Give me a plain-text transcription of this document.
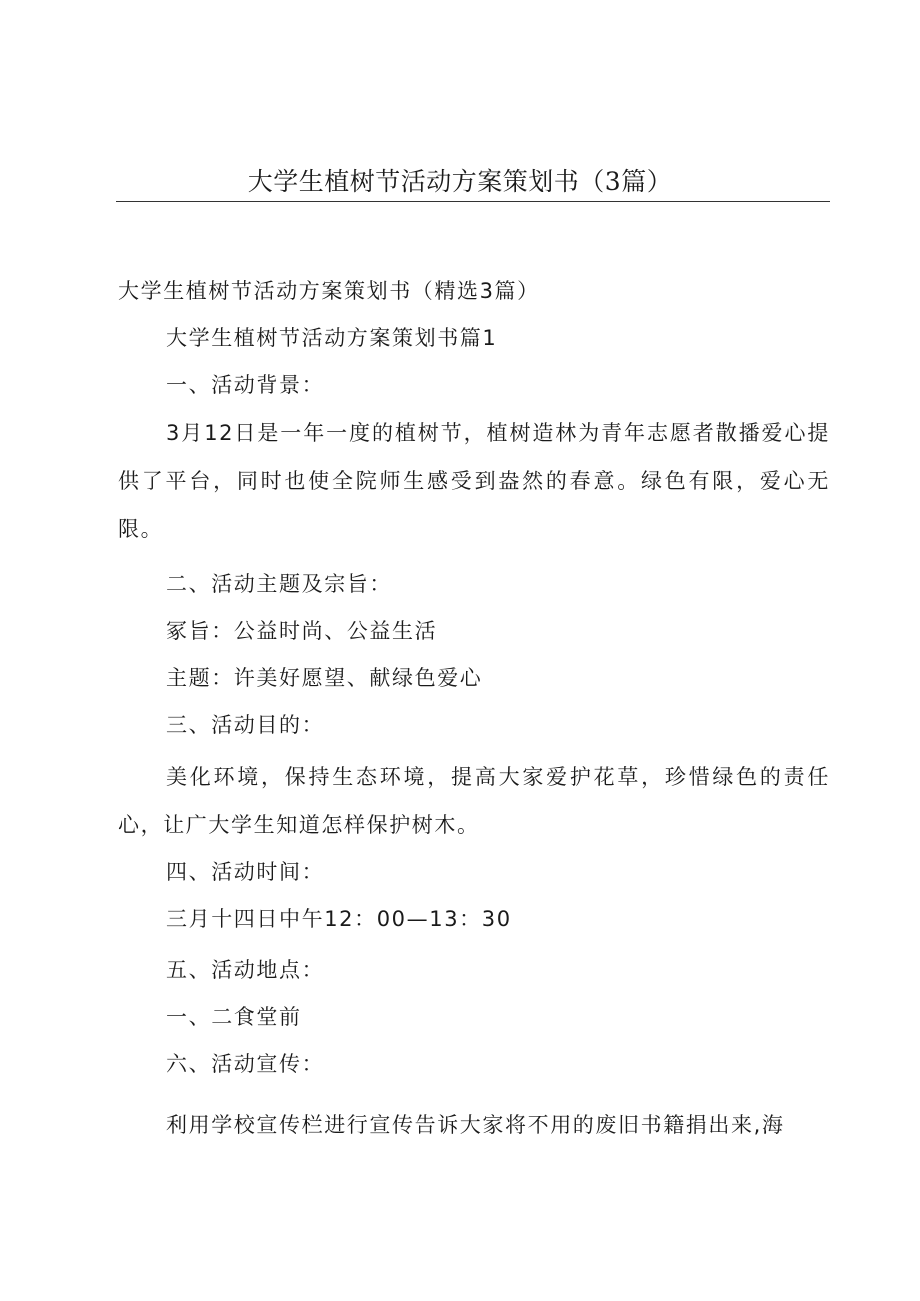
大学生植树节活动方案策划书（3篇）

大学生植树节活动方案策划书（精选3篇）

大学生植树节活动方案策划书篇1

一、活动背景：

3月12日是一年一度的植树节，植树造林为青年志愿者散播爱心提供了平台，同时也使全院师生感受到盎然的春意。绿色有限，爱心无限。

二、活动主题及宗旨：

冢旨：公益时尚、公益生活

主题：许美好愿望、献绿色爱心

三、活动目的：

美化环境，保持生态环境，提高大家爱护花草，珍惜绿色的责任心，让广大学生知道怎样保护树木。

四、活动时间：

三月十四日中午12：00—13：30

五、活动地点：

一、二食堂前

六、活动宣传：

利用学校宣传栏进行宣传告诉大家将不用的废旧书籍捐出来,海
